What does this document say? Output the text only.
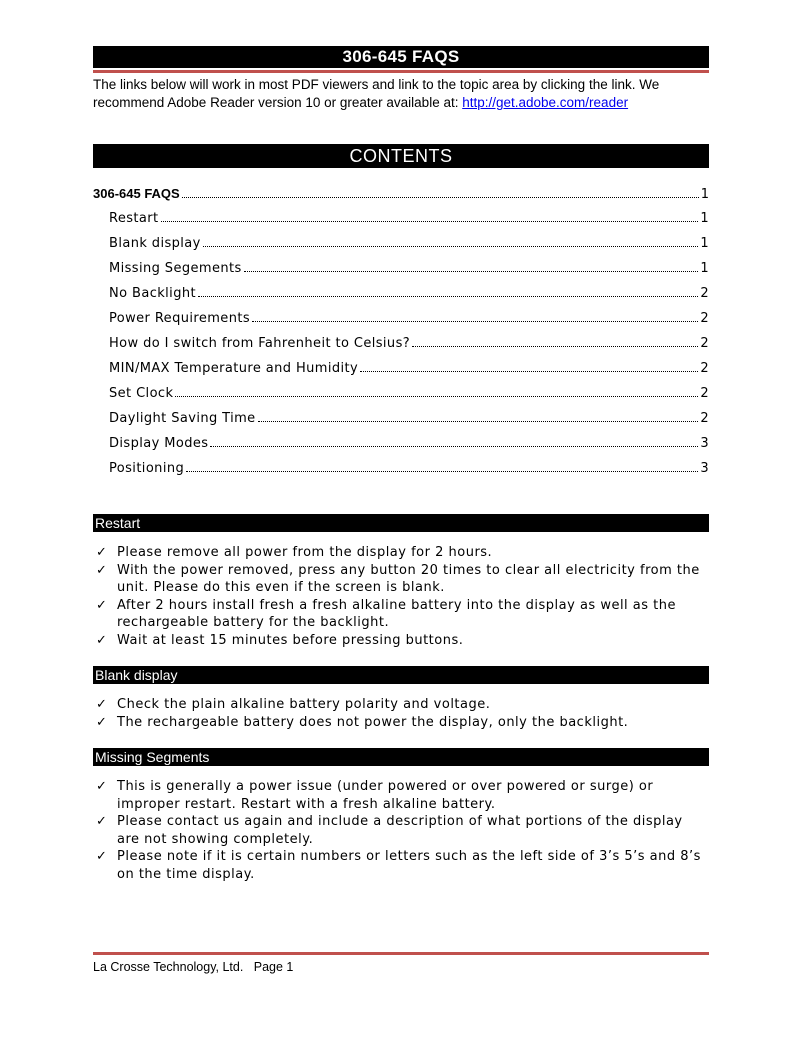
306-645 FAQS
The links below will work in most PDF viewers and link to the topic area by clicking the link. We recommend Adobe Reader version 10 or greater available at: http://get.adobe.com/reader
CONTENTS
306-645 FAQS	1
Restart	1
Blank display	1
Missing Segements	1
No Backlight	2
Power Requirements	2
How do I switch from Fahrenheit to Celsius?	2
MIN/MAX Temperature and Humidity	2
Set Clock	2
Daylight Saving Time	2
Display Modes	3
Positioning	3
Restart
✓ Please remove all power from the display for 2 hours.
✓ With the power removed, press any button 20 times to clear all electricity from the unit. Please do this even if the screen is blank.
✓ After 2 hours install fresh a fresh alkaline battery into the display as well as the rechargeable battery for the backlight.
✓ Wait at least 15 minutes before pressing buttons.
Blank display
✓ Check the plain alkaline battery polarity and voltage.
✓ The rechargeable battery does not power the display, only the backlight.
Missing Segments
✓ This is generally a power issue (under powered or over powered or surge) or improper restart. Restart with a fresh alkaline battery.
✓ Please contact us again and include a description of what portions of the display are not showing completely.
✓ Please note if it is certain numbers or letters such as the left side of 3’s 5’s and 8’s on the time display.
La Crosse Technology, Ltd.   Page 1
